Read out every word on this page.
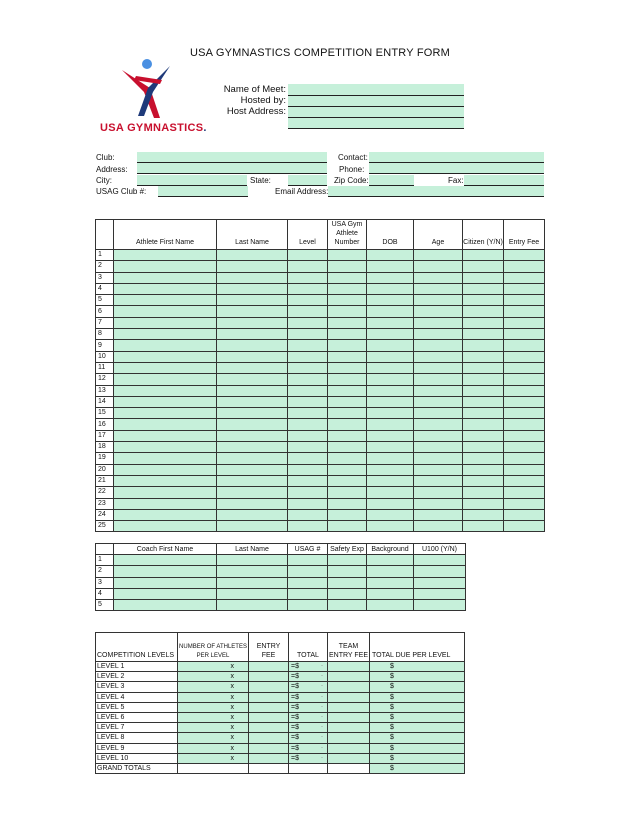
USA GYMNASTICS COMPETITION ENTRY FORM
USA GYMNASTICS.
Name of Meet:
Hosted by:
Host Address:
Club:
Address:
City:
USAG Club #:
State:
Email Address:
Contact:
Phone:
Zip Code:	Fax:
	Athlete First Name	Last Name	Level	USA Gym Athlete Number	DOB	Age	Citizen (Y/N)	Entry Fee
1								
2								
3								
4								
5								
6								
7								
8								
9								
10								
11								
12								
13								
14								
15								
16								
17								
18								
19								
20								
21								
22								
23								
24								
25								
	Coach First Name	Last Name	USAG #	Safety Exp	Background	U100 (Y/N)
1						
2						
3						
4						
5						
COMPETITION LEVELS	NUMBER OF ATHLETES PER LEVEL	ENTRY FEE	TOTAL	TEAM ENTRY FEE	TOTAL DUE PER LEVEL
LEVEL 1	x		=$ -		$
LEVEL 2	x		=$ -		$
LEVEL 3	x		=$ -		$
LEVEL 4	x		=$ -		$
LEVEL 5	x		=$ -		$
LEVEL 6	x		=$ -		$
LEVEL 7	x		=$ -		$
LEVEL 8	x		=$ -		$
LEVEL 9	x		=$ -		$
LEVEL 10	x		=$ -		$
GRAND TOTALS					$
